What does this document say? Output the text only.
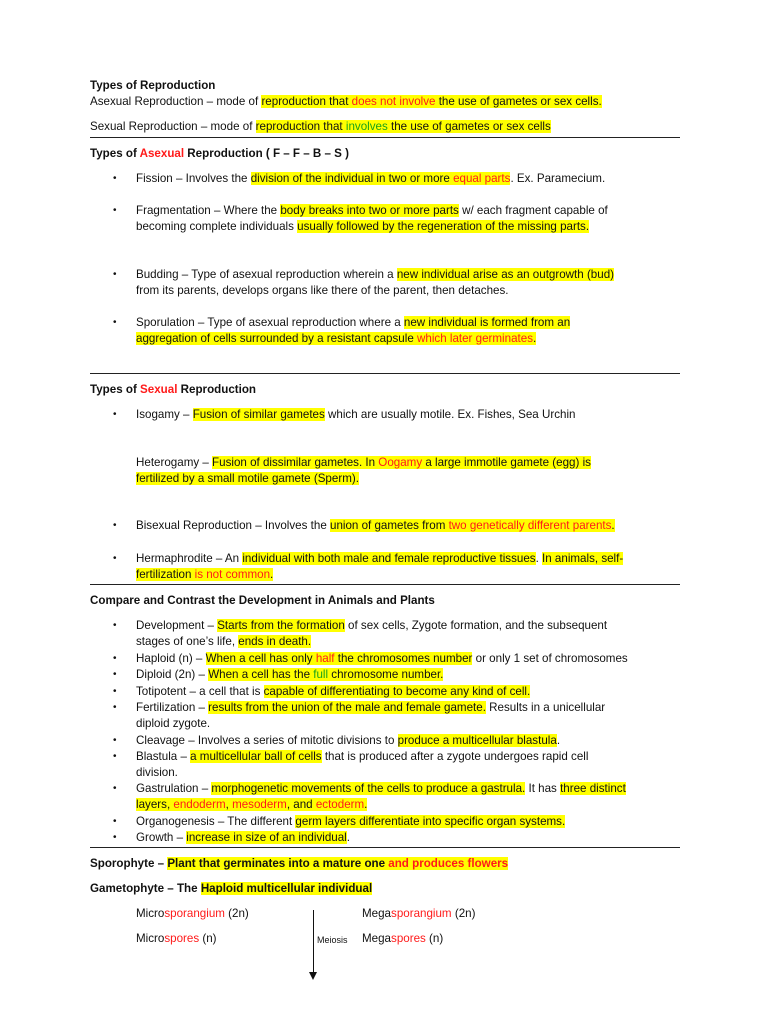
Meiosis
Types of Reproduction
Asexual Reproduction – mode of reproduction that does not involve the use of gametes or sex cells.
Sexual Reproduction – mode of reproduction that involves the use of gametes or sex cells
Types of Asexual Reproduction ( F – F – B – S )
• Fission – Involves the division of the individual in two or more equal parts. Ex. Paramecium.
• Fragmentation – Where the body breaks into two or more parts w/ each fragment capable of
becoming complete individuals usually followed by the regeneration of the missing parts.
• Budding – Type of asexual reproduction wherein a new individual arise as an outgrowth (bud)
from its parents, develops organs like there of the parent, then detaches.
• Sporulation – Type of asexual reproduction where a new individual is formed from an
aggregation of cells surrounded by a resistant capsule which later germinates.
Types of Sexual Reproduction
• Isogamy – Fusion of similar gametes which are usually motile. Ex. Fishes, Sea Urchin
Heterogamy – Fusion of dissimilar gametes. In Oogamy a large immotile gamete (egg) is
fertilized by a small motile gamete (Sperm).
• Bisexual Reproduction – Involves the union of gametes from two genetically different parents.
• Hermaphrodite – An individual with both male and female reproductive tissues. In animals, self-
fertilization is not common.
Compare and Contrast the Development in Animals and Plants
• Development – Starts from the formation of sex cells, Zygote formation, and the subsequent
stages of one’s life, ends in death.
• Haploid (n) – When a cell has only half the chromosomes number or only 1 set of chromosomes
• Diploid (2n) – When a cell has the full chromosome number.
• Totipotent – a cell that is capable of differentiating to become any kind of cell.
• Fertilization – results from the union of the male and female gamete. Results in a unicellular
diploid zygote.
• Cleavage – Involves a series of mitotic divisions to produce a multicellular blastula.
• Blastula – a multicellular ball of cells that is produced after a zygote undergoes rapid cell
division.
• Gastrulation – morphogenetic movements of the cells to produce a gastrula. It has three distinct
layers, endoderm, mesoderm, and ectoderm.
• Organogenesis – The different germ layers differentiate into specific organ systems.
• Growth – increase in size of an individual.
Sporophyte – Plant that germinates into a mature one and produces flowers
Gametophyte – The Haploid multicellular individual
Microsporangium (2n)	Megasporangium (2n)
Microspores (n)	Megaspores (n)
